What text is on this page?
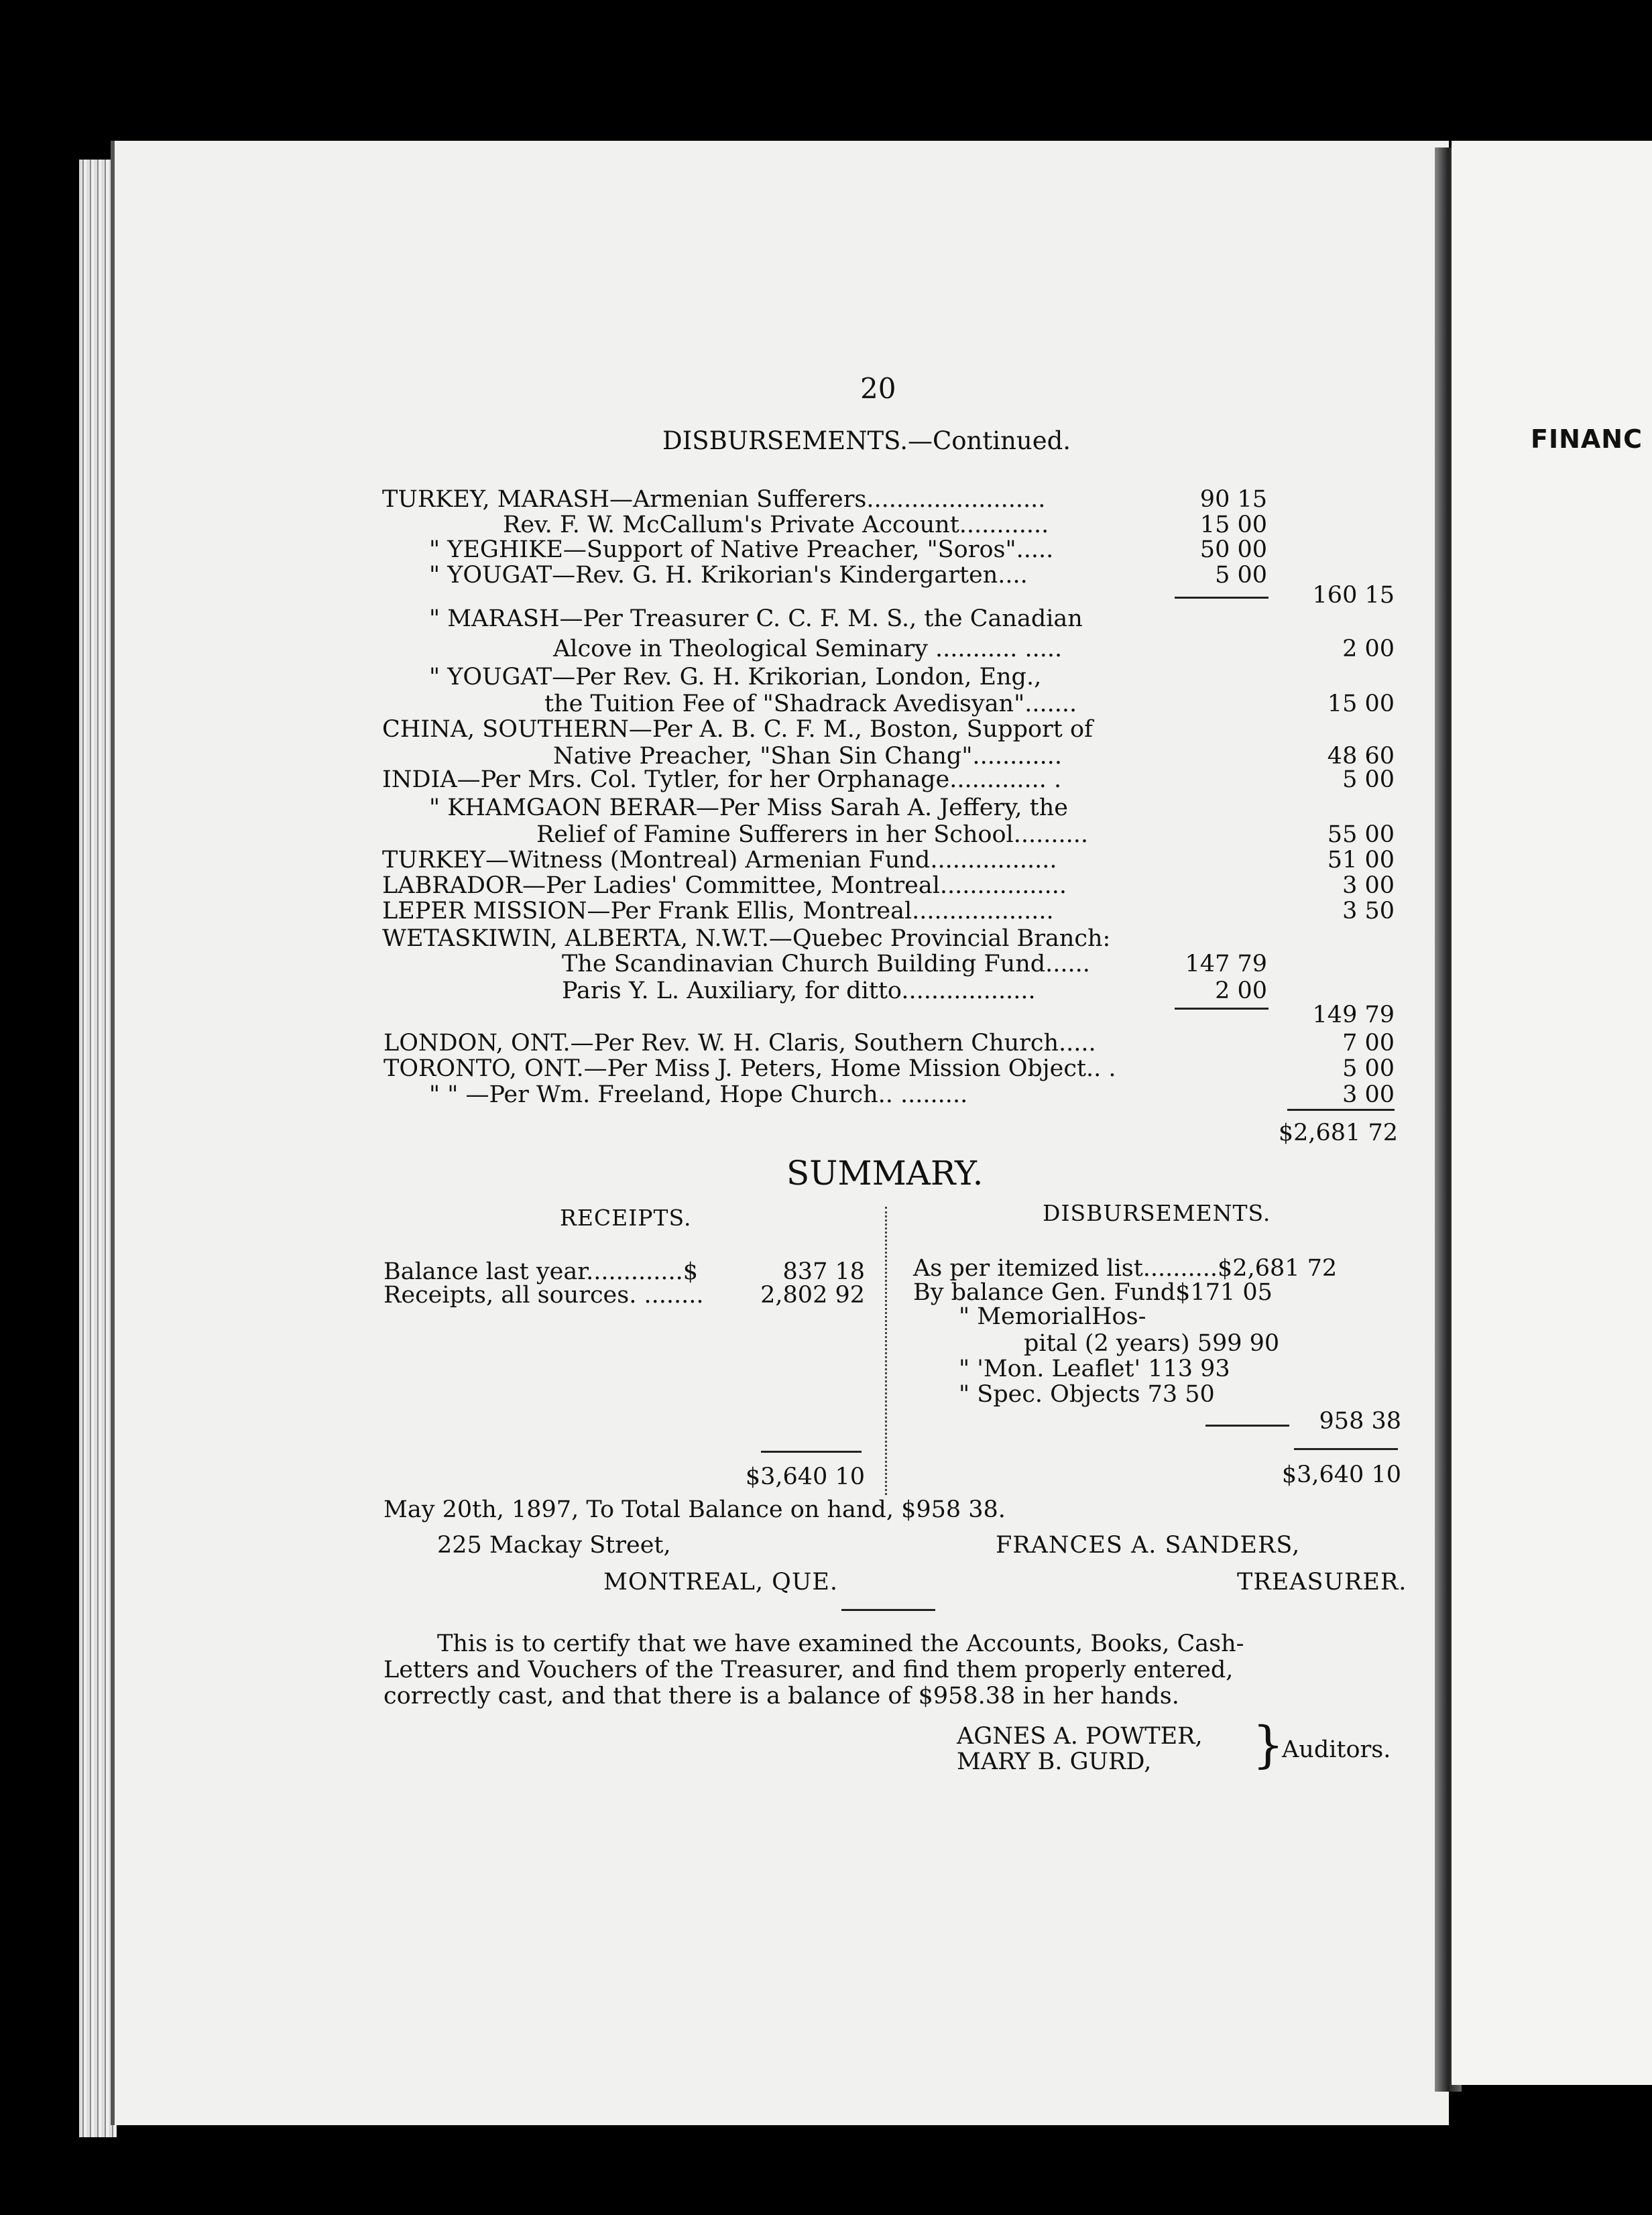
FINANC
20
DISBURSEMENTS.—Continued.
TURKEY, MARASH—Armenian Sufferers........................	90 15
Rev. F. W. McCallum's Private Account............	15 00
" YEGHIKE—Support of Native Preacher, "Soros".....	50 00
" YOUGAT—Rev. G. H. Krikorian's Kindergarten....	5 00
160 15
" MARASH—Per Treasurer C. C. F. M. S., the Canadian
Alcove in Theological Seminary ........... .....	2 00
" YOUGAT—Per Rev. G. H. Krikorian, London, Eng.,
the Tuition Fee of "Shadrack Avedisyan".......	15 00
CHINA, SOUTHERN—Per A. B. C. F. M., Boston, Support of
Native Preacher, "Shan Sin Chang"............	48 60
INDIA—Per Mrs. Col. Tytler, for her Orphanage............. .	5 00
" KHAMGAON BERAR—Per Miss Sarah A. Jeffery, the
Relief of Famine Sufferers in her School..........	55 00
TURKEY—Witness (Montreal) Armenian Fund.................	51 00
LABRADOR—Per Ladies' Committee, Montreal.................	3 00
LEPER MISSION—Per Frank Ellis, Montreal...................	3 50
WETASKIWIN, ALBERTA, N.W.T.—Quebec Provincial Branch:
The Scandinavian Church Building Fund......	147 79
Paris Y. L. Auxiliary, for ditto..................	2 00
149 79
LONDON, ONT.—Per Rev. W. H. Claris, Southern Church.....	7 00
TORONTO, ONT.—Per Miss J. Peters, Home Mission Object.. .	5 00
" " —Per Wm. Freeland, Hope Church.. .........	3 00
$2,681 72
SUMMARY.
RECEIPTS.	DISBURSEMENTS.
Balance last year.............$	837 18
Receipts, all sources. ........ 2,802 92
$3,640 10
As per itemized list..........$2,681 72
By balance Gen. Fund$171 05
" MemorialHos-
pital (2 years) 599 90
" 'Mon. Leaflet' 113 93
" Spec. Objects 73 50
958 38
$3,640 10
May 20th, 1897, To Total Balance on hand, $958 38.
225 Mackay Street,
MONTREAL, QUE.
FRANCES A. SANDERS,
TREASURER.
This is to certify that we have examined the Accounts, Books, Cash-
Letters and Vouchers of the Treasurer, and find them properly entered,
correctly cast, and that there is a balance of $958.38 in her hands.
AGNES A. POWTER,
MARY B. GURD, }
Auditors.
